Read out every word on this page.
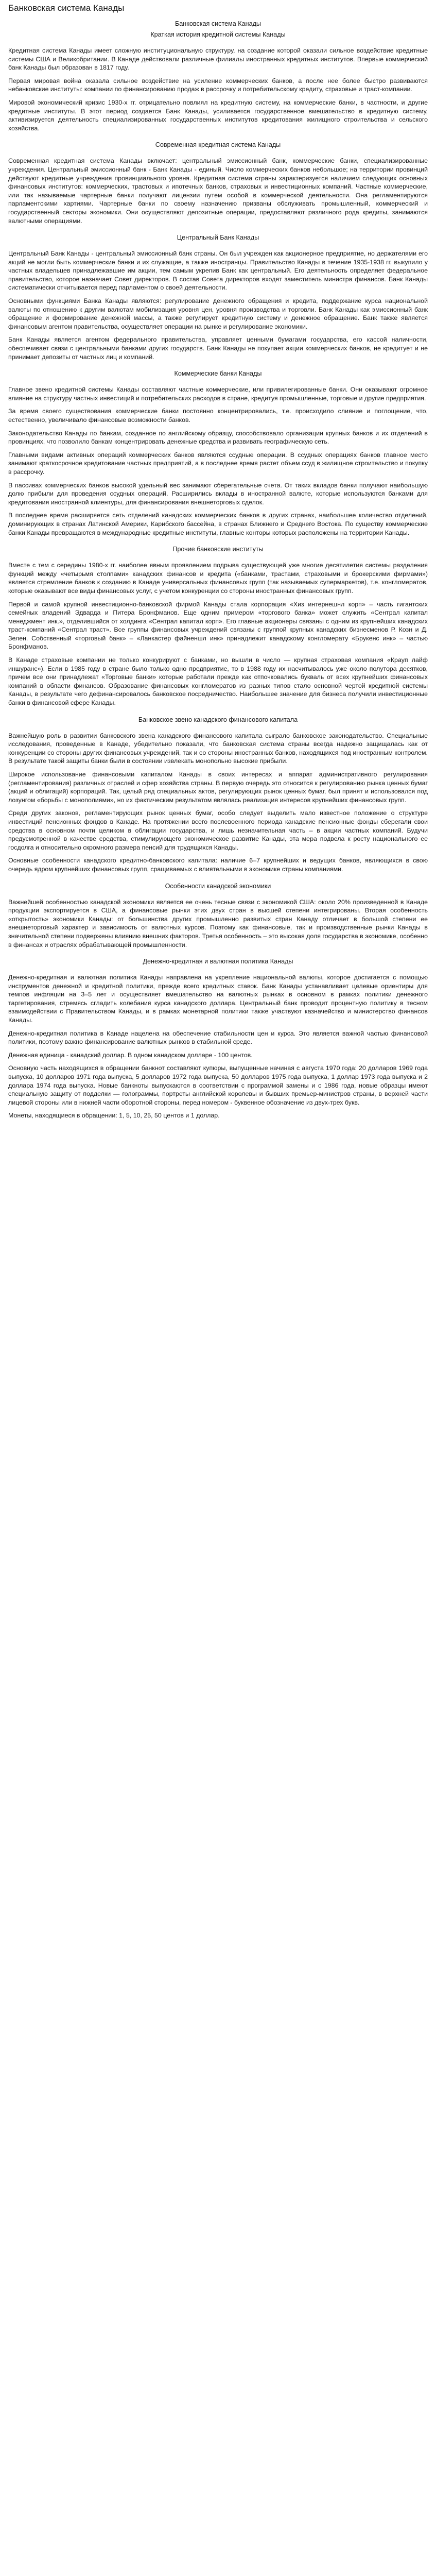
Банковская система Канады
Банковская система Канады
Краткая история кредитной системы Канады

Кредитная система Канады имеет сложную институциональную структуру, на создание которой оказали сильное воздействие кредитные системы США и Великобритании. В Канаде действовали различные филиалы иностранных кредитных институтов. Впервые коммерческий банк Канады был образован в 1817 году.

Первая мировая война оказала сильное воздействие на усиление коммерческих банков, а после нее более быстро развиваются небанковские институты: компании по финансированию продаж в рассрочку и потребительскому кредиту, страховые и траст-компании.

Мировой экономический кризис 1930-х гг. отрицательно повлиял на кредитную систему, на коммерческие банки, в частности, и другие кредитные институты. В этот период создается Банк Канады, усиливается государственное вмешательство в кредитную систему, активизируется деятельность специализированных государственных институтов кредитования жилищного строительства и сельского хозяйства.

Современная кредитная система Канады

Современная кредитная система Канады включает: центральный эмиссионный банк, коммерческие банки, специализированные учреждения. Центральный эмиссионный банк - Банк Канады - единый. Число коммерческих банков небольшое; на территории провинций действуют кредитные учреждения провинциального уровня. Кредитная система страны характеризуется наличием следующих основных финансовых институтов: коммерческих, трастовых и ипотечных банков, страховых и инвестиционных компаний. Частные коммерческие, или так называемые чартерные банки получают лицензии путем особой в коммерческой деятельности. Она регламентируются парламентскими хартиями. Чартерные банки по своему назначению призваны обслуживать промышленный, коммерческий и государственный секторы экономики. Они осуществляют депозитные операции, предоставляют различного рода кредиты, занимаются валютными операциями.

Центральный Банк Канады

Центральный Банк Канады - центральный эмиссионный банк страны. Он был учрежден как акционерное предприятие, но держателями его акций не могли быть коммерческие банки и их служащие, а также иностранцы. Правительство Канады в течение 1935-1938 гг. выкупило у частных владельцев принадлежавшие им акции, тем самым укрепив Банк как центральный. Его деятельность определяет федеральное правительство, которое назначает Совет директоров. В состав Совета директоров входят заместитель министра финансов. Банк Канады систематически отчитывается перед парламентом о своей деятельности.

Основными функциями Банка Канады являются: регулирование денежного обращения и кредита, поддержание курса национальной валюты по отношению к другим валютам мобилизация уровня цен, уровня производства и торговли. Банк Канады как эмиссионный банк обращение и формирование денежной массы, а также регулирует кредитную систему и денежное обращение. Банк также является финансовым агентом правительства, осуществляет операции на рынке и регулирование экономики.

Банк Канады является агентом федерального правительства, управляет ценными бумагами государства, его кассой наличности, обеспечивает связи с центральными банками других государств. Банк Канады не покупает акции коммерческих банков, не кредитует и не принимает депозиты от частных лиц и компаний.

Коммерческие банки Канады

Главное звено кредитной системы Канады составляют частные коммерческие, или привилегированные банки. Они оказывают огромное влияние на структуру частных инвестиций и потребительских расходов в стране, кредитуя промышленные, торговые и другие предприятия.

За время своего существования коммерческие банки постоянно концентрировались, т.е. происходило слияние и поглощение, что, естественно, увеличивало финансовые возможности банков.

Законодательство Канады по банкам, созданное по английскому образцу, способствовало организации крупных банков и их отделений в провинциях, что позволило банкам концентрировать денежные средства и развивать географическую сеть.

Главными видами активных операций коммерческих банков являются ссудные операции. В ссудных операциях банков главное место занимают краткосрочное кредитование частных предприятий, а в последнее время растет объем ссуд в жилищное строительство и покупку в рассрочку.

В пассивах коммерческих банков высокой удельный вес занимают сберегательные счета. От таких вкладов банки получают наибольшую долю прибыли для проведения ссудных операций. Расширились вклады в иностранной валюте, которые используются банками для кредитования иностранной клиентуры, для финансирования внешнеторговых сделок.

В последнее время расширяется сеть отделений канадских коммерческих банков в других странах, наибольшее количество отделений, доминирующих в странах Латинской Америки, Карибского бассейна, в странах Ближнего и Среднего Востока. По существу коммерческие банки Канады превращаются в международные кредитные институты, главные конторы которых расположены на территории Канады.

Прочие банковские институты

Вместе с тем с середины 1980-х гг. наиболее явным проявлением подрыва существующей уже многие десятилетия системы разделения функций между «четырьмя столпами» канадских финансов и кредита («банками, трастами, страховыми и брокерскими фирмами») является стремление банков к созданию в Канаде универсальных финансовых групп (так называемых супермаркетов), т.е. конгломератов, которые оказывают все виды финансовых услуг, с учетом конкуренции со стороны иностранных финансовых групп.

Первой и самой крупной инвестиционно-банковской фирмой Канады стала корпорация «Хиз интернешнл корп» – часть гигантских семейных владений Эдварда и Питера Бронфманов. Еще одним примером «торгового банка» может служить «Сентрал капитал менеджмент инк.», отделившийся от холдинга «Сентрал капитал корп». Его главные акционеры связаны с одним из крупнейших канадских траст-компаний «Сентрал траст». Все группы финансовых учреждений связаны с группой крупных канадских бизнесменов Р. Козн и Д. Зелен. Собственный «торговый банк» – «Ланкастер файненшл инк» принадлежит канадскому конгломерату «Брукенс инк» – частью Бронфманов.

В Канаде страховые компании не только конкурируют с банками, но вышли в число — крупная страховая компания «Крауп лайф иншуранс»). Если в 1985 году в стране было только одно предприятие, то в 1988 году их насчитывалось уже около полутора десятков, причем все они принадлежат «Торговые банки» которые работали прежде как отпочковались букваль от всех крупнейших финансовых компаний в области финансов. Образование финансовых конгломератов из разных типов стало основной чертой кредитной системы Канады, в результате чего дефинансировалось банковское посредничество. Наибольшее значение для бизнеса получили инвестиционные банки в финансовой сфере Канады.

Банковское звено канадского финансового капитала

Важнейшую роль в развитии банковского звена канадского финансового капитала сыграло банковское законодательство. Специальные исследования, проведенные в Канаде, убедительно показали, что банковская система страны всегда надежно защищалась как от конкуренции со стороны других финансовых учреждений, так и со стороны иностранных банков, находящихся под иностранным контролем. В результате такой защиты банки были в состоянии извлекать монопольно высокие прибыли.

Широкое использование финансовыми капиталом Канады в своих интересах и аппарат административного регулирования (регламентирования) различных отраслей и сфер хозяйства страны. В первую очередь это относится к регулированию рынка ценных бумаг (акций и облигаций) корпораций. Так, целый ряд специальных актов, регулирующих рынок ценных бумаг, был принят и использовался под лозунгом «борьбы с монополиями», но их фактическим результатом являлась реализация интересов крупнейших финансовых групп.

Среди других законов, регламентирующих рынок ценных бумаг, особо следует выделить мало известное положение о структуре инвестиций пенсионных фондов в Канаде. На протяжении всего послевоенного периода канадские пенсионные фонды сберегали свои средства в основном почти целиком в облигации государства, и лишь незначительная часть – в акции частных компаний. Будучи предусмотренной в качестве средства, стимулирующего экономическое развитие Канады, эта мера подвела к росту национального ее госдолга и относительно скромного размера пенсий для трудящихся Канады.

Основные особенности канадского кредитно-банковского капитала: наличие 6–7 крупнейших и ведущих банков, являющихся в свою очередь ядром крупнейших финансовых групп, сращиваемых с влиятельными в экономике страны компаниями.

Особенности канадской экономики

Важнейшей особенностью канадской экономики является ее очень тесные связи с экономикой США: около 20% произведенной в Канаде продукции экспортируется в США, а финансовые рынки этих двух стран в высшей степени интегрированы. Вторая особенность «открытость» экономики Канады: от большинства других промышленно развитых стран Канаду отличает в большой степени ее внешнеторговый характер и зависимость от валютных курсов. Поэтому как финансовые, так и производственные рынки Канады в значительной степени подвержены влиянию внешних факторов. Третья особенность – это высокая доля государства в экономике, особенно в финансах и отраслях обрабатывающей промышленности.

Денежно-кредитная и валютная политика Канады

Денежно-кредитная и валютная политика Канады направлена на укрепление национальной валюты, которое достигается с помощью инструментов денежной и кредитной политики, прежде всего кредитных ставок. Банк Канады устанавливает целевые ориентиры для темпов инфляции на 3–5 лет и осуществляет вмешательство на валютных рынках в основном в рамках политики денежного таргетирования, стремясь сгладить колебания курса канадского доллара. Центральный банк проводит процентную политику в тесном взаимодействии с Правительством Канады, и в рамках монетарной политики также участвуют казначейство и министерство финансов Канады.

Денежно-кредитная политика в Канаде нацелена на обеспечение стабильности цен и курса. Это является важной частью финансовой политики, поэтому важно финансирование валютных рынков в стабильной среде.

Денежная единица - канадский доллар. В одном канадском долларе - 100 центов.

Основную часть находящихся в обращении банкнот составляют купюры, выпущенные начиная с августа 1970 года: 20 долларов 1969 года выпуска, 10 долларов 1971 года выпуска, 5 долларов 1972 года выпуска, 50 долларов 1975 года выпуска, 1 доллар 1973 года выпуска и 2 доллара 1974 года выпуска. Новые банкноты выпускаются в соответствии с программой замены и с 1986 года, новые образцы имеют специальную защиту от подделки — голограммы, портреты английской королевы и бывших премьер-министров страны, в верхней части лицевой стороны или в нижней части оборотной стороны, перед номером - буквенное обозначение из двух-трех букв.

Монеты, находящиеся в обращении: 1, 5, 10, 25, 50 центов и 1 доллар.
